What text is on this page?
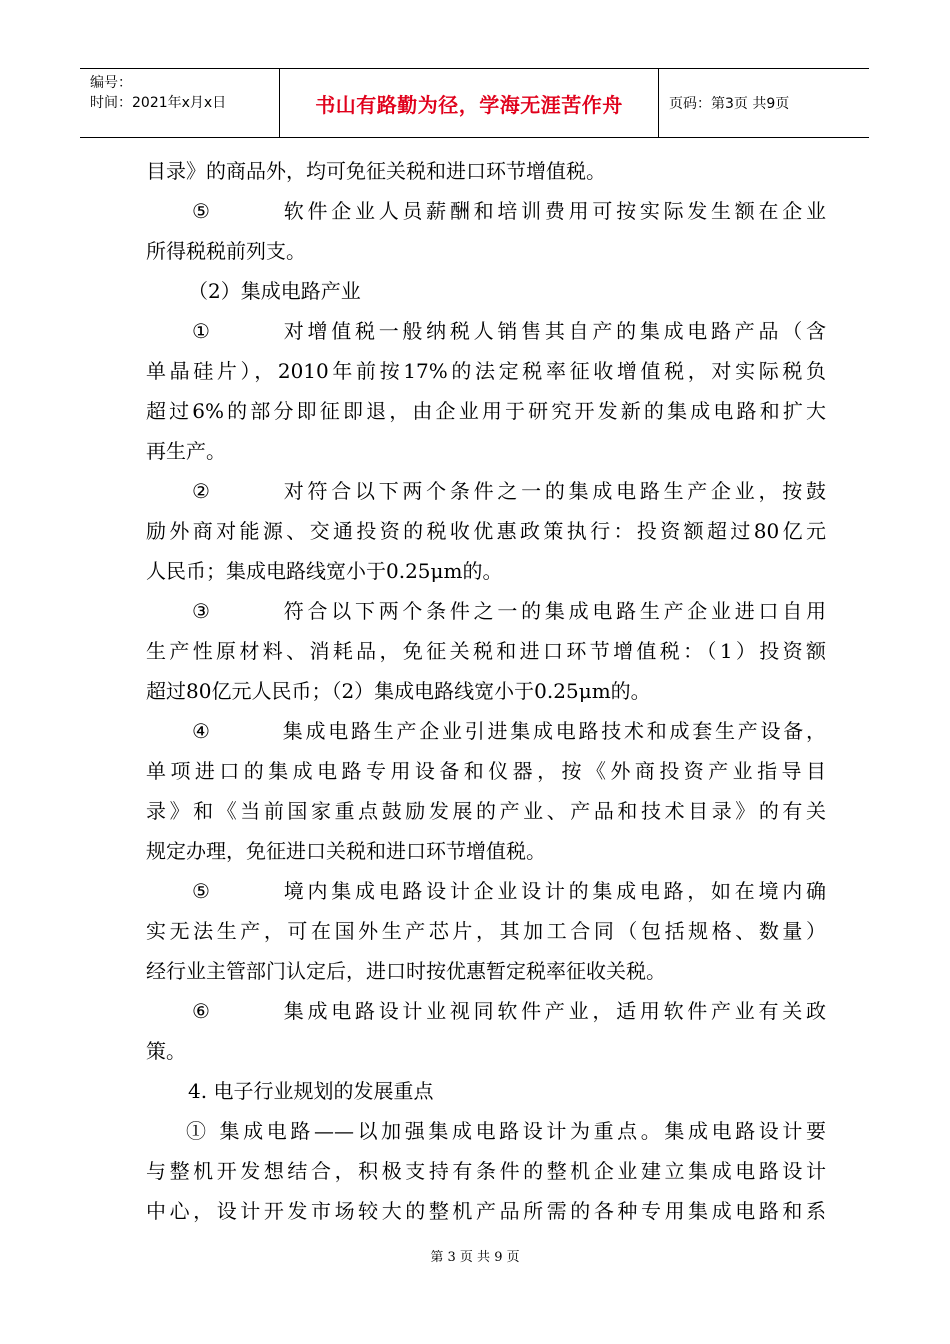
编号：
时间：2021年x月x日	书山有路勤为径，学海无涯苦作舟	页码：第3页 共9页
目录》的商品外，均可免征关税和进口环节增值税。
⑤	软件企业人员薪酬和培训费用可按实际发生额在企业
所得税税前列支。
（2）集成电路产业
①	对增值税一般纳税人销售其自产的集成电路产品（含
单晶硅片），2010年前按17%的法定税率征收增值税，对实际税负
超过6%的部分即征即退，由企业用于研究开发新的集成电路和扩大
再生产。
②	对符合以下两个条件之一的集成电路生产企业，按鼓
励外商对能源、交通投资的税收优惠政策执行：投资额超过80亿元
人民币；集成电路线宽小于0.25μm的。
③	符合以下两个条件之一的集成电路生产企业进口自用
生产性原材料、消耗品，免征关税和进口环节增值税：（1）投资额
超过80亿元人民币；（2）集成电路线宽小于0.25μm的。
④	集成电路生产企业引进集成电路技术和成套生产设备，
单项进口的集成电路专用设备和仪器，按《外商投资产业指导目
录》和《当前国家重点鼓励发展的产业、产品和技术目录》的有关
规定办理，免征进口关税和进口环节增值税。
⑤	境内集成电路设计企业设计的集成电路，如在境内确
实无法生产，可在国外生产芯片，其加工合同（包括规格、数量）
经行业主管部门认定后，进口时按优惠暂定税率征收关税。
⑥	集成电路设计业视同软件产业，适用软件产业有关政
策。
4. 电子行业规划的发展重点
① 集成电路——以加强集成电路设计为重点。集成电路设计要
与整机开发想结合，积极支持有条件的整机企业建立集成电路设计
中心，设计开发市场较大的整机产品所需的各种专用集成电路和系
第 3 页 共 9 页
